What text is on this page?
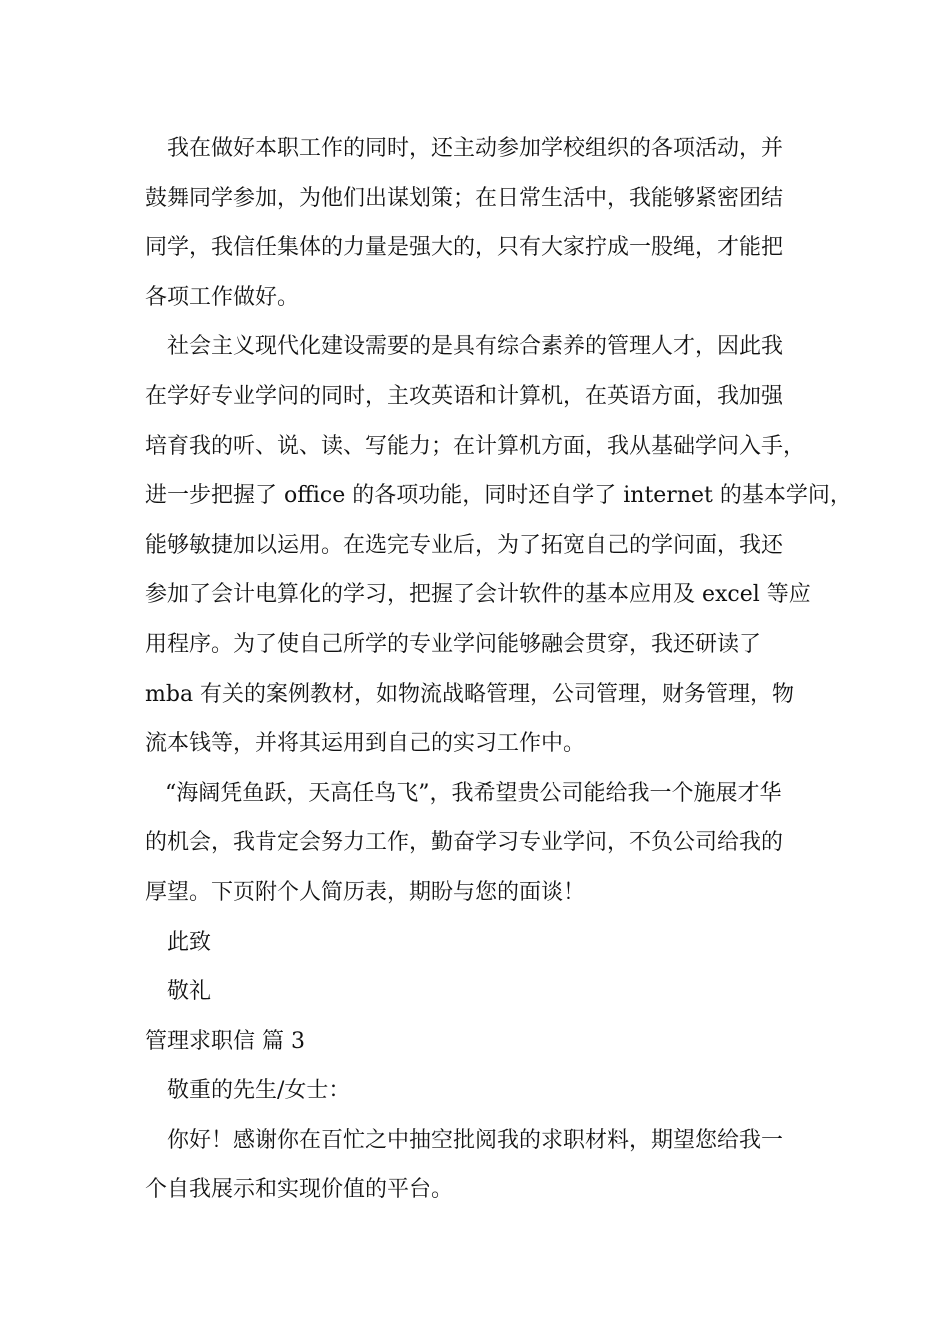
我在做好本职工作的同时，还主动参加学校组织的各项活动，并
鼓舞同学参加，为他们出谋划策；在日常生活中，我能够紧密团结
同学，我信任集体的力量是强大的，只有大家拧成一股绳，才能把
各项工作做好。
社会主义现代化建设需要的是具有综合素养的管理人才，因此我
在学好专业学问的同时，主攻英语和计算机，在英语方面，我加强
培育我的听、说、读、写能力；在计算机方面，我从基础学问入手，
进一步把握了 office 的各项功能，同时还自学了 internet 的基本学问，
能够敏捷加以运用。在选完专业后，为了拓宽自己的学问面，我还
参加了会计电算化的学习，把握了会计软件的基本应用及 excel 等应
用程序。为了使自己所学的专业学问能够融会贯穿，我还研读了
mba 有关的案例教材，如物流战略管理，公司管理，财务管理，物
流本钱等，并将其运用到自己的实习工作中。
“海阔凭鱼跃，天高任鸟飞”，我希望贵公司能给我一个施展才华
的机会，我肯定会努力工作，勤奋学习专业学问，不负公司给我的
厚望。下页附个人简历表，期盼与您的面谈！
此致
敬礼
管理求职信 篇 3
敬重的先生/女士：
你好！感谢你在百忙之中抽空批阅我的求职材料，期望您给我一
个自我展示和实现价值的平台。
